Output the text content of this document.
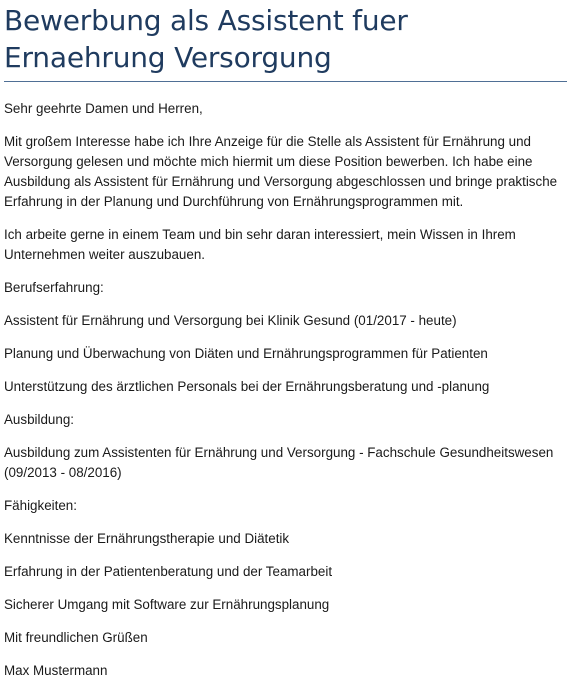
Bewerbung als Assistent fuer
Ernaehrung Versorgung

Sehr geehrte Damen und Herren,

Mit großem Interesse habe ich Ihre Anzeige für die Stelle als Assistent für Ernährung und Versorgung gelesen und möchte mich hiermit um diese Position bewerben. Ich habe eine Ausbildung als Assistent für Ernährung und Versorgung abgeschlossen und bringe praktische Erfahrung in der Planung und Durchführung von Ernährungsprogrammen mit.

Ich arbeite gerne in einem Team und bin sehr daran interessiert, mein Wissen in Ihrem Unternehmen weiter auszubauen.

Berufserfahrung:

Assistent für Ernährung und Versorgung bei Klinik Gesund (01/2017 - heute)

Planung und Überwachung von Diäten und Ernährungsprogrammen für Patienten

Unterstützung des ärztlichen Personals bei der Ernährungsberatung und -planung

Ausbildung:

Ausbildung zum Assistenten für Ernährung und Versorgung - Fachschule Gesundheitswesen (09/2013 - 08/2016)

Fähigkeiten:

Kenntnisse der Ernährungstherapie und Diätetik

Erfahrung in der Patientenberatung und der Teamarbeit

Sicherer Umgang mit Software zur Ernährungsplanung

Mit freundlichen Grüßen

Max Mustermann
